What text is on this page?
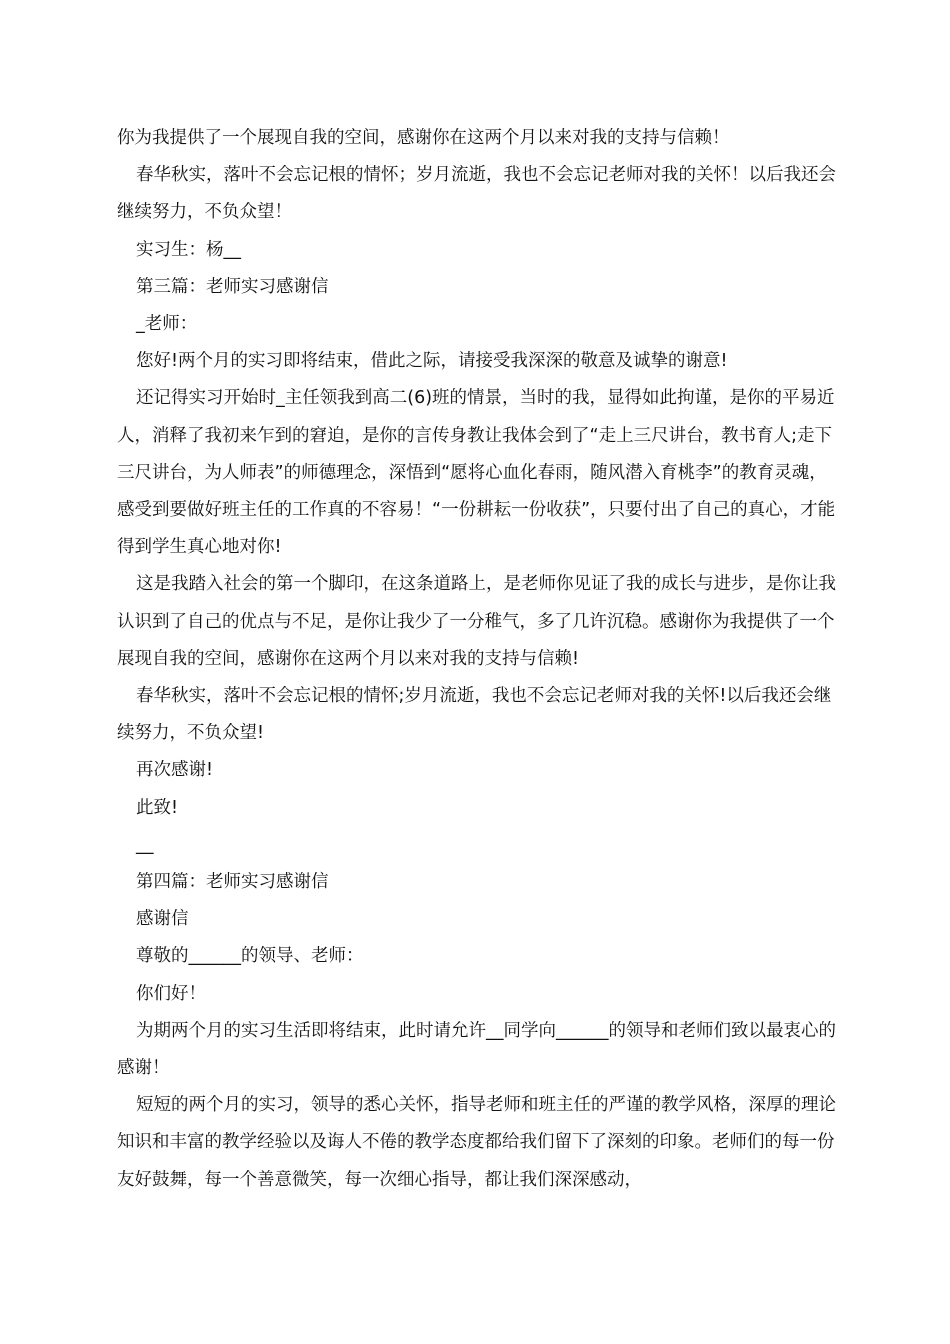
你为我提供了一个展现自我的空间，感谢你在这两个月以来对我的支持与信赖！

春华秋实，落叶不会忘记根的情怀；岁月流逝，我也不会忘记老师对我的关怀！以后我还会继续努力，不负众望！

实习生：杨__

第三篇：老师实习感谢信

_老师：

您好!两个月的实习即将结束，借此之际，请接受我深深的敬意及诚挚的谢意!

还记得实习开始时_主任领我到高二(6)班的情景，当时的我，显得如此拘谨，是你的平易近人，消释了我初来乍到的窘迫，是你的言传身教让我体会到了“走上三尺讲台，教书育人;走下三尺讲台，为人师表”的师德理念，深悟到“愿将心血化春雨，随风潜入育桃李”的教育灵魂，感受到要做好班主任的工作真的不容易！“一份耕耘一份收获”，只要付出了自己的真心，才能得到学生真心地对你!

这是我踏入社会的第一个脚印，在这条道路上，是老师你见证了我的成长与进步，是你让我认识到了自己的优点与不足，是你让我少了一分稚气，多了几许沉稳。感谢你为我提供了一个展现自我的空间，感谢你在这两个月以来对我的支持与信赖!

春华秋实，落叶不会忘记根的情怀;岁月流逝，我也不会忘记老师对我的关怀!以后我还会继续努力，不负众望!

再次感谢!

此致!

__

第四篇：老师实习感谢信

感谢信

尊敬的______的领导、老师：

你们好！

为期两个月的实习生活即将结束，此时请允许__同学向______的领导和老师们致以最衷心的感谢！

短短的两个月的实习，领导的悉心关怀，指导老师和班主任的严谨的教学风格，深厚的理论知识和丰富的教学经验以及诲人不倦的教学态度都给我们留下了深刻的印象。老师们的每一份友好鼓舞，每一个善意微笑，每一次细心指导，都让我们深深感动，
